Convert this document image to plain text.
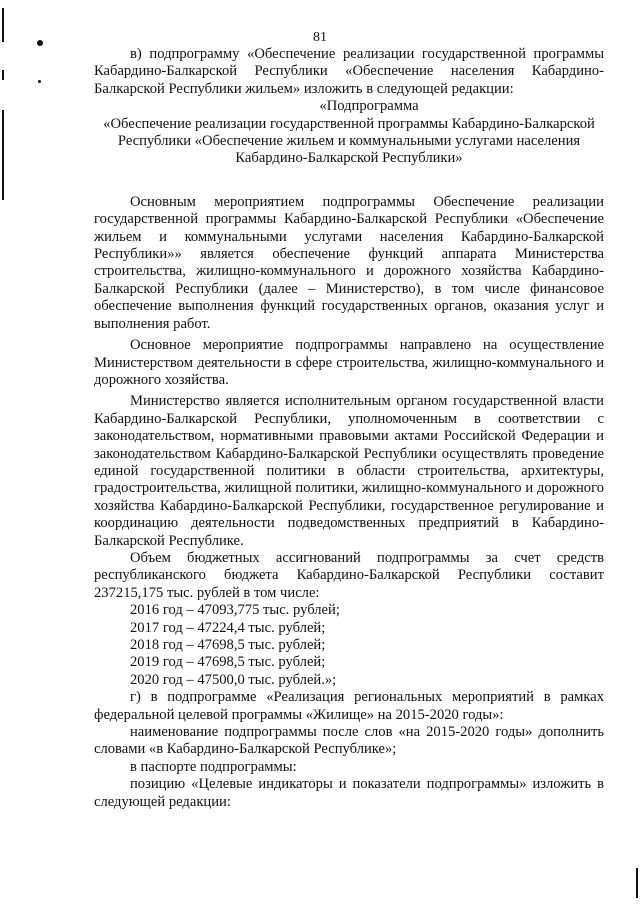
81

в) подпрограмму «Обеспечение реализации государственной программы Кабардино-Балкарской Республики «Обеспечение населения Кабардино-Балкарской Республики жильем» изложить в следующей редакции:

«Подпрограмма

«Обеспечение реализации государственной программы Кабардино-Балкарской Республики «Обеспечение жильем и коммунальными услугами населения Кабардино-Балкарской Республики»

Основным мероприятием подпрограммы Обеспечение реализации государственной программы Кабардино-Балкарской Республики «Обеспечение жильем и коммунальными услугами населения Кабардино-Балкарской Республики»» является обеспечение функций аппарата Министерства строительства, жилищно-коммунального и дорожного хозяйства Кабардино-Балкарской Республики (далее – Министерство), в том числе финансовое обеспечение выполнения функций государственных органов, оказания услуг и выполнения работ.

Основное мероприятие подпрограммы направлено на осуществление Министерством деятельности в сфере строительства, жилищно-коммунального и дорожного хозяйства.

Министерство является исполнительным органом государственной власти Кабардино-Балкарской Республики, уполномоченным в соответствии с законодательством, нормативными правовыми актами Российской Федерации и законодательством Кабардино-Балкарской Республики осуществлять проведение единой государственной политики в области строительства, архитектуры, градостроительства, жилищной политики, жилищно-коммунального и дорожного хозяйства Кабардино-Балкарской Республики, государственное регулирование и координацию деятельности подведомственных предприятий в Кабардино-Балкарской Республике.

Объем бюджетных ассигнований подпрограммы за счет средств республиканского бюджета Кабардино-Балкарской Республики составит 237215,175 тыс. рублей в том числе:

2016 год – 47093,775 тыс. рублей;

2017 год – 47224,4 тыс. рублей;

2018 год – 47698,5 тыс. рублей;

2019 год – 47698,5 тыс. рублей;

2020 год – 47500,0 тыс. рублей.»;

г) в подпрограмме «Реализация региональных мероприятий в рамках федеральной целевой программы «Жилище» на 2015-2020 годы»:

наименование подпрограммы после слов «на 2015-2020 годы» дополнить словами «в Кабардино-Балкарской Республике»;

в паспорте подпрограммы:

позицию «Целевые индикаторы и показатели подпрограммы» изложить в следующей редакции:
